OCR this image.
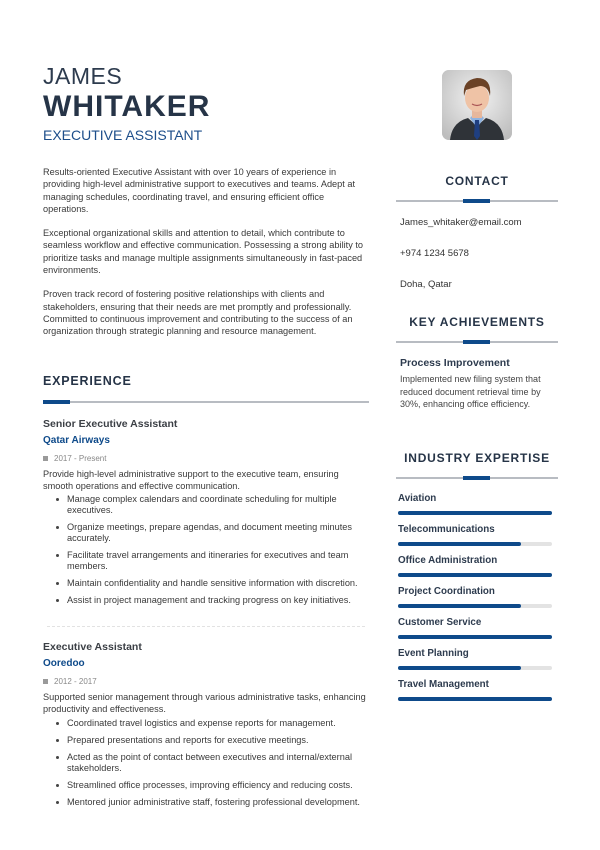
JAMES
WHITAKER
EXECUTIVE ASSISTANT

Results-oriented Executive Assistant with over 10 years of experience in providing high-level administrative support to executives and teams. Adept at managing schedules, coordinating travel, and ensuring efficient office operations.

Exceptional organizational skills and attention to detail, which contribute to seamless workflow and effective communication. Possessing a strong ability to prioritize tasks and manage multiple assignments simultaneously in fast-paced environments.

Proven track record of fostering positive relationships with clients and stakeholders, ensuring that their needs are met promptly and professionally. Committed to continuous improvement and contributing to the success of an organization through strategic planning and resource management.

EXPERIENCE
Senior Executive Assistant
Qatar Airways
2017 - Present
Provide high-level administrative support to the executive team, ensuring smooth operations and effective communication.
Manage complex calendars and coordinate scheduling for multiple executives.
Organize meetings, prepare agendas, and document meeting minutes accurately.
Facilitate travel arrangements and itineraries for executives and team members.
Maintain confidentiality and handle sensitive information with discretion.
Assist in project management and tracking progress on key initiatives.
Executive Assistant
Ooredoo
2012 - 2017
Supported senior management through various administrative tasks, enhancing productivity and effectiveness.
Coordinated travel logistics and expense reports for management.
Prepared presentations and reports for executive meetings.
Acted as the point of contact between executives and internal/external stakeholders.
Streamlined office processes, improving efficiency and reducing costs.
Mentored junior administrative staff, fostering professional development.
CONTACT
James_whitaker@email.com
+974 1234 5678
Doha, Qatar
KEY ACHIEVEMENTS
Process Improvement
Implemented new filing system that reduced document retrieval time by 30%, enhancing office efficiency.
INDUSTRY EXPERTISE
Aviation
Telecommunications
Office Administration
Project Coordination
Customer Service
Event Planning
Travel Management
